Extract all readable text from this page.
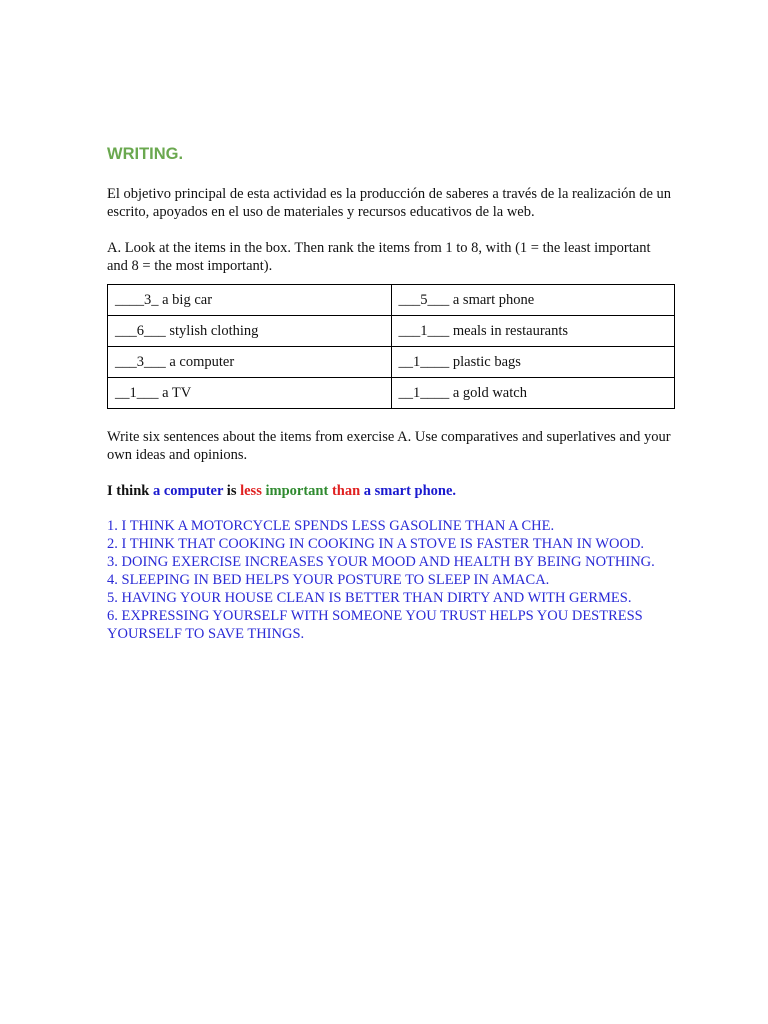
WRITING.

El objetivo principal de esta actividad es la producción de saberes a través de la realización de un escrito, apoyados en el uso de materiales y recursos educativos de la web.

A. Look at the items in the box. Then rank the items from 1 to 8, with (1 = the least important and 8 = the most important).

____3_ a big car	___5___ a smart phone
___6___ stylish clothing	___1___ meals in restaurants
___3___ a computer	__1____ plastic bags
__1___ a TV	__1____ a gold watch

Write six sentences about the items from exercise A. Use comparatives and superlatives and your own ideas and opinions.

I think a computer is less important than a smart phone.

1. I THINK A MOTORCYCLE SPENDS LESS GASOLINE THAN A CHE.
2. I THINK THAT COOKING IN COOKING IN A STOVE IS FASTER THAN IN WOOD.
3. DOING EXERCISE INCREASES YOUR MOOD AND HEALTH BY BEING NOTHING.
4. SLEEPING IN BED HELPS YOUR POSTURE TO SLEEP IN AMACA.
5. HAVING YOUR HOUSE CLEAN IS BETTER THAN DIRTY AND WITH GERMES.
6. EXPRESSING YOURSELF WITH SOMEONE YOU TRUST HELPS YOU DESTRESS YOURSELF TO SAVE THINGS.
